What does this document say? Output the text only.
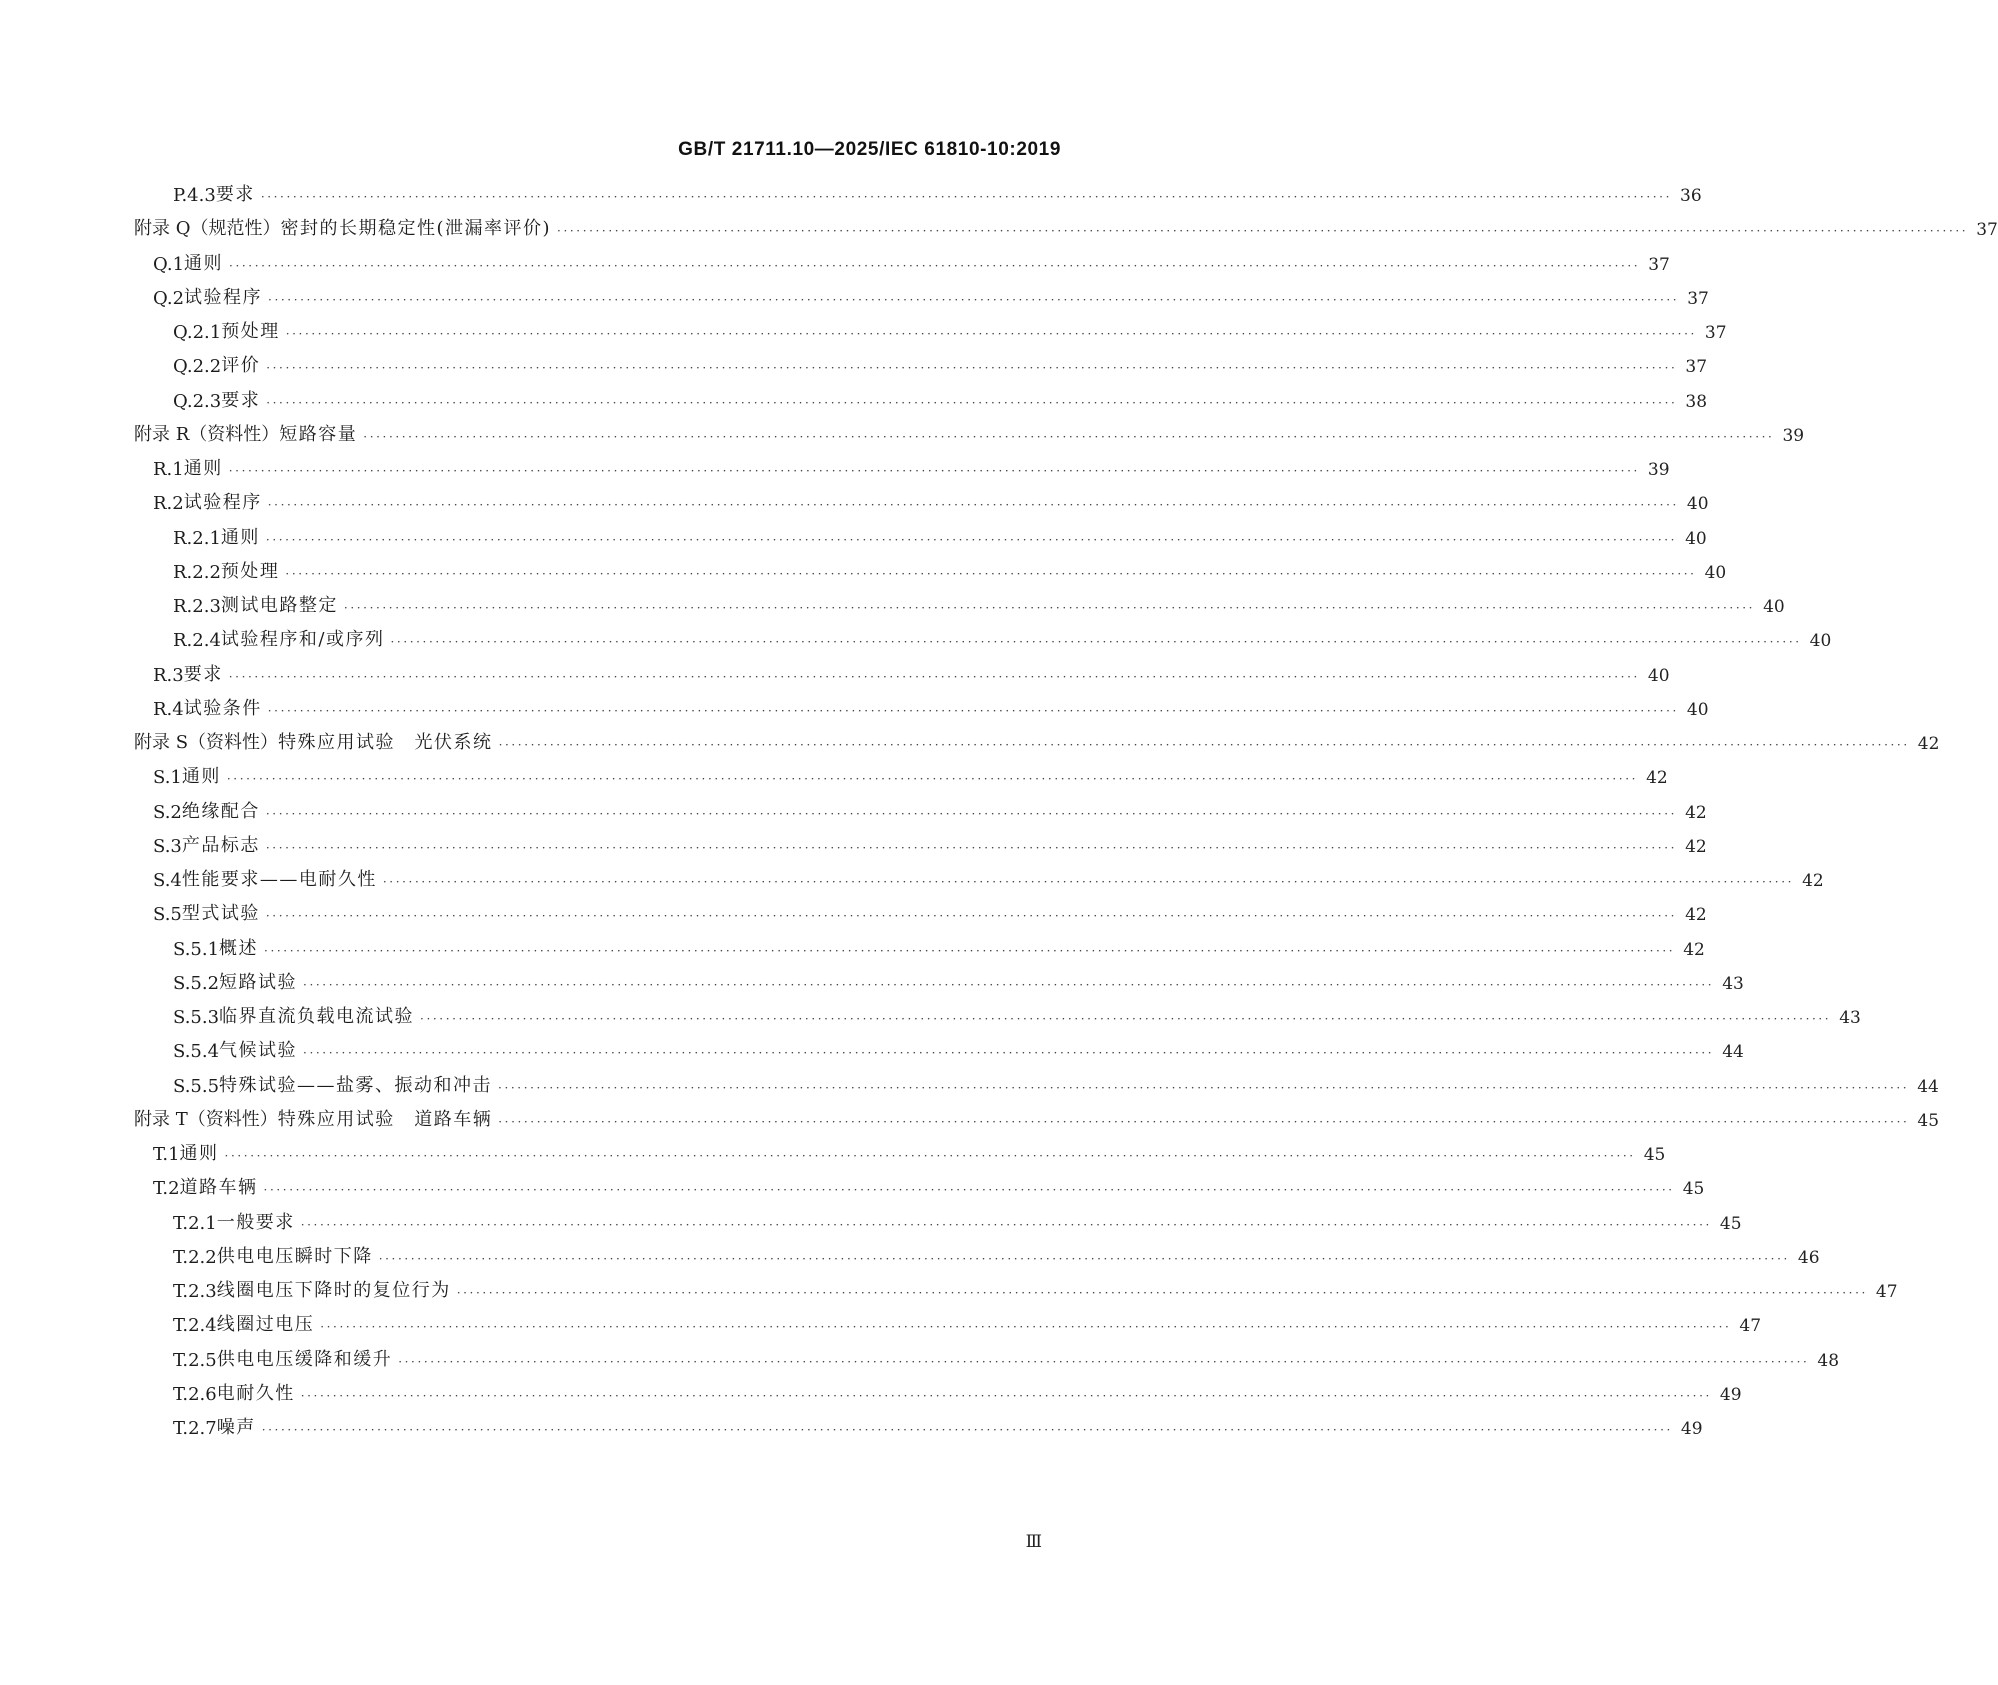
GB/T 21711.10—2025/IEC 61810-10:2019
P.4.3 要求 ···························································································································································································································· 36
附录 Q（规范性） 密封的长期稳定性(泄漏率评价) ···························································································································································································································· 37
Q.1 通则 ···························································································································································································································· 37
Q.2 试验程序 ···························································································································································································································· 37
Q.2.1 预处理 ···························································································································································································································· 37
Q.2.2 评价 ···························································································································································································································· 37
Q.2.3 要求 ···························································································································································································································· 38
附录 R（资料性） 短路容量 ···························································································································································································································· 39
R.1 通则 ···························································································································································································································· 39
R.2 试验程序 ···························································································································································································································· 40
R.2.1 通则 ···························································································································································································································· 40
R.2.2 预处理 ···························································································································································································································· 40
R.2.3 测试电路整定 ···························································································································································································································· 40
R.2.4 试验程序和/或序列 ···························································································································································································································· 40
R.3 要求 ···························································································································································································································· 40
R.4 试验条件 ···························································································································································································································· 40
附录 S（资料性） 特殊应用试验　光伏系统 ···························································································································································································································· 42
S.1 通则 ···························································································································································································································· 42
S.2 绝缘配合 ···························································································································································································································· 42
S.3 产品标志 ···························································································································································································································· 42
S.4 性能要求——电耐久性 ···························································································································································································································· 42
S.5 型式试验 ···························································································································································································································· 42
S.5.1 概述 ···························································································································································································································· 42
S.5.2 短路试验 ···························································································································································································································· 43
S.5.3 临界直流负载电流试验 ···························································································································································································································· 43
S.5.4 气候试验 ···························································································································································································································· 44
S.5.5 特殊试验——盐雾、振动和冲击 ···························································································································································································································· 44
附录 T（资料性） 特殊应用试验　道路车辆 ···························································································································································································································· 45
T.1 通则 ···························································································································································································································· 45
T.2 道路车辆 ···························································································································································································································· 45
T.2.1 一般要求 ···························································································································································································································· 45
T.2.2 供电电压瞬时下降 ···························································································································································································································· 46
T.2.3 线圈电压下降时的复位行为 ···························································································································································································································· 47
T.2.4 线圈过电压 ···························································································································································································································· 47
T.2.5 供电电压缓降和缓升 ···························································································································································································································· 48
T.2.6 电耐久性 ···························································································································································································································· 49
T.2.7 噪声 ···························································································································································································································· 49
Ⅲ
